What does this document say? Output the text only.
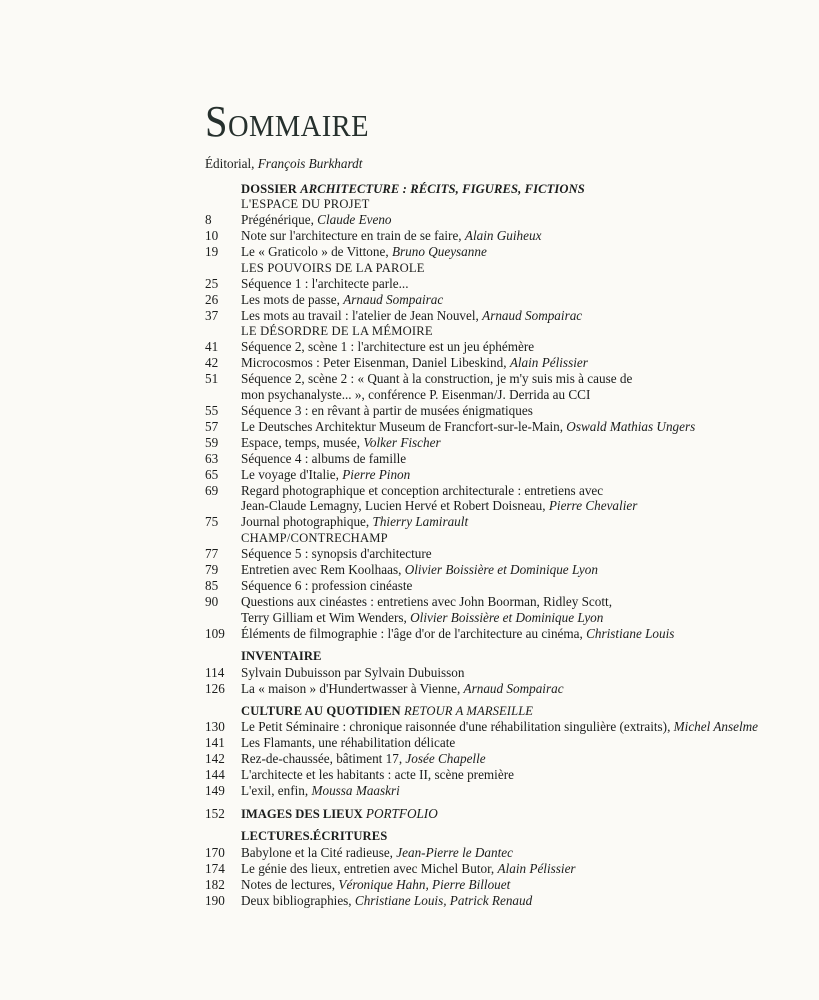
Sommaire
Éditorial, François Burkhardt
DOSSIER ARCHITECTURE : RÉCITS, FIGURES, FICTIONS
L'ESPACE DU PROJET
8 Prégénérique, Claude Eveno
10 Note sur l'architecture en train de se faire, Alain Guiheux
19 Le « Graticolo » de Vittone, Bruno Queysanne
LES POUVOIRS DE LA PAROLE
25 Séquence 1 : l'architecte parle...
26 Les mots de passe, Arnaud Sompairac
37 Les mots au travail : l'atelier de Jean Nouvel, Arnaud Sompairac
LE DÉSORDRE DE LA MÉMOIRE
41 Séquence 2, scène 1 : l'architecture est un jeu éphémère
42 Microcosmos : Peter Eisenman, Daniel Libeskind, Alain Pélissier
51 Séquence 2, scène 2 : « Quant à la construction, je m'y suis mis à cause de
mon psychanalyste... », conférence P. Eisenman/J. Derrida au CCI
55 Séquence 3 : en rêvant à partir de musées énigmatiques
57 Le Deutsches Architektur Museum de Francfort-sur-le-Main, Oswald Mathias Ungers
59 Espace, temps, musée, Volker Fischer
63 Séquence 4 : albums de famille
65 Le voyage d'Italie, Pierre Pinon
69 Regard photographique et conception architecturale : entretiens avec
Jean-Claude Lemagny, Lucien Hervé et Robert Doisneau, Pierre Chevalier
75 Journal photographique, Thierry Lamirault
CHAMP/CONTRECHAMP
77 Séquence 5 : synopsis d'architecture
79 Entretien avec Rem Koolhaas, Olivier Boissière et Dominique Lyon
85 Séquence 6 : profession cinéaste
90 Questions aux cinéastes : entretiens avec John Boorman, Ridley Scott,
Terry Gilliam et Wim Wenders, Olivier Boissière et Dominique Lyon
109 Éléments de filmographie : l'âge d'or de l'architecture au cinéma, Christiane Louis
INVENTAIRE
114 Sylvain Dubuisson par Sylvain Dubuisson
126 La « maison » d'Hundertwasser à Vienne, Arnaud Sompairac
CULTURE AU QUOTIDIEN RETOUR A MARSEILLE
130 Le Petit Séminaire : chronique raisonnée d'une réhabilitation singulière (extraits), Michel Anselme
141 Les Flamants, une réhabilitation délicate
142 Rez-de-chaussée, bâtiment 17, Josée Chapelle
144 L'architecte et les habitants : acte II, scène première
149 L'exil, enfin, Moussa Maaskri
152 IMAGES DES LIEUX PORTFOLIO
LECTURES.ÉCRITURES
170 Babylone et la Cité radieuse, Jean-Pierre le Dantec
174 Le génie des lieux, entretien avec Michel Butor, Alain Pélissier
182 Notes de lectures, Véronique Hahn, Pierre Billouet
190 Deux bibliographies, Christiane Louis, Patrick Renaud
